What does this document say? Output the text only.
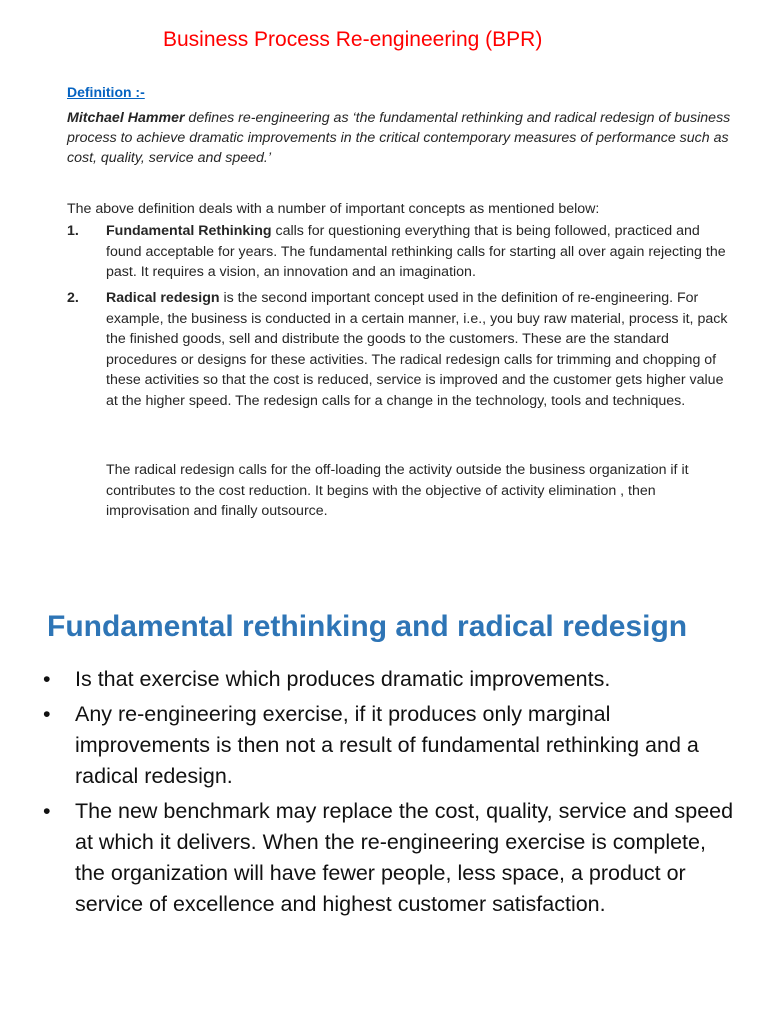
Business Process Re-engineering (BPR)
Definition :-

Mitchael Hammer defines re-engineering as ‘the fundamental rethinking and radical redesign of business process to achieve dramatic improvements in the critical contemporary measures of performance such as cost, quality, service and speed.’

The above definition deals with a number of important concepts as mentioned below:

1.	Fundamental Rethinking calls for questioning everything that is being followed, practiced and found acceptable for years. The fundamental rethinking calls for starting all over again rejecting the past. It requires a vision, an innovation and an imagination.

2.	Radical redesign is the second important concept used in the definition of re-engineering. For example, the business is conducted in a certain manner, i.e., you buy raw material, process it, pack the finished goods, sell and distribute the goods to the customers. These are the standard procedures or designs for these activities. The radical redesign calls for trimming and chopping of these activities so that the cost is reduced, service is improved and the customer gets higher value at the higher speed. The redesign calls for a change in the technology, tools and techniques.

The radical redesign calls for the off-loading the activity outside the business organization if it contributes to the cost reduction. It begins with the objective of activity elimination , then improvisation and finally outsource.

Fundamental rethinking and radical redesign
• Is that exercise which produces dramatic improvements.
• Any re-engineering exercise, if it produces only marginal improvements is then not a result of fundamental rethinking and a radical redesign.
• The new benchmark may replace the cost, quality, service and speed at which it delivers. When the re-engineering exercise is complete, the organization will have fewer people, less space, a product or service of excellence and highest customer satisfaction.
